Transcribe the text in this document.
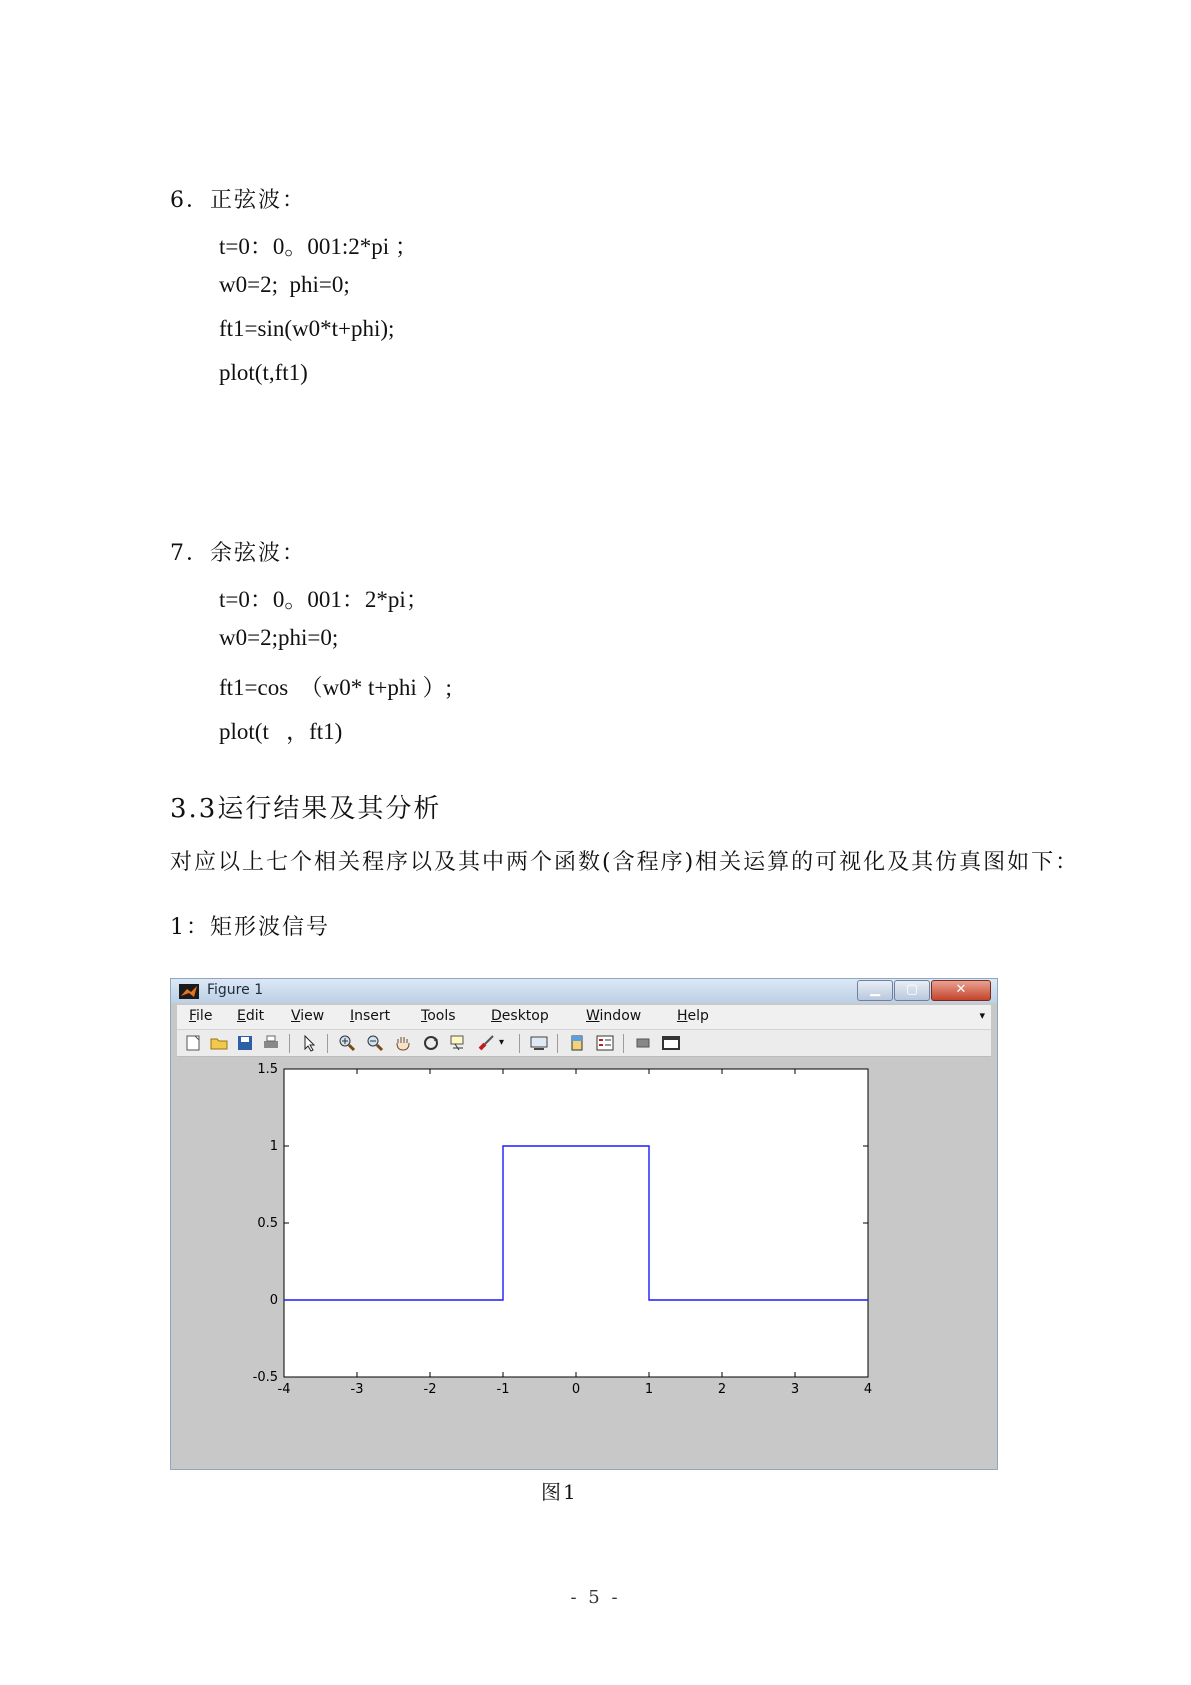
6．正弦波：
t=0：0。001:2*pi ；
w0=2;  phi=0;
ft1=sin(w0*t+phi);
plot(t,ft1)
7．余弦波：
t=0：0。001：2*pi；
w0=2;phi=0;
ft1=cos  （w0* t+phi ）;
plot(t   ，ft1)
3.3运行结果及其分析
对应以上七个相关程序以及其中两个函数(含程序)相关运算的可视化及其仿真图如下：
1：矩形波信号
Figure 1	▁	▢	✕
File Edit View Insert Tools	Desktop	Window	Help	▾
▾
-4	-3	-2	-1	0	1	2	3	4
-0.5
0
0.5
1
1.5
图1
- 5 -
